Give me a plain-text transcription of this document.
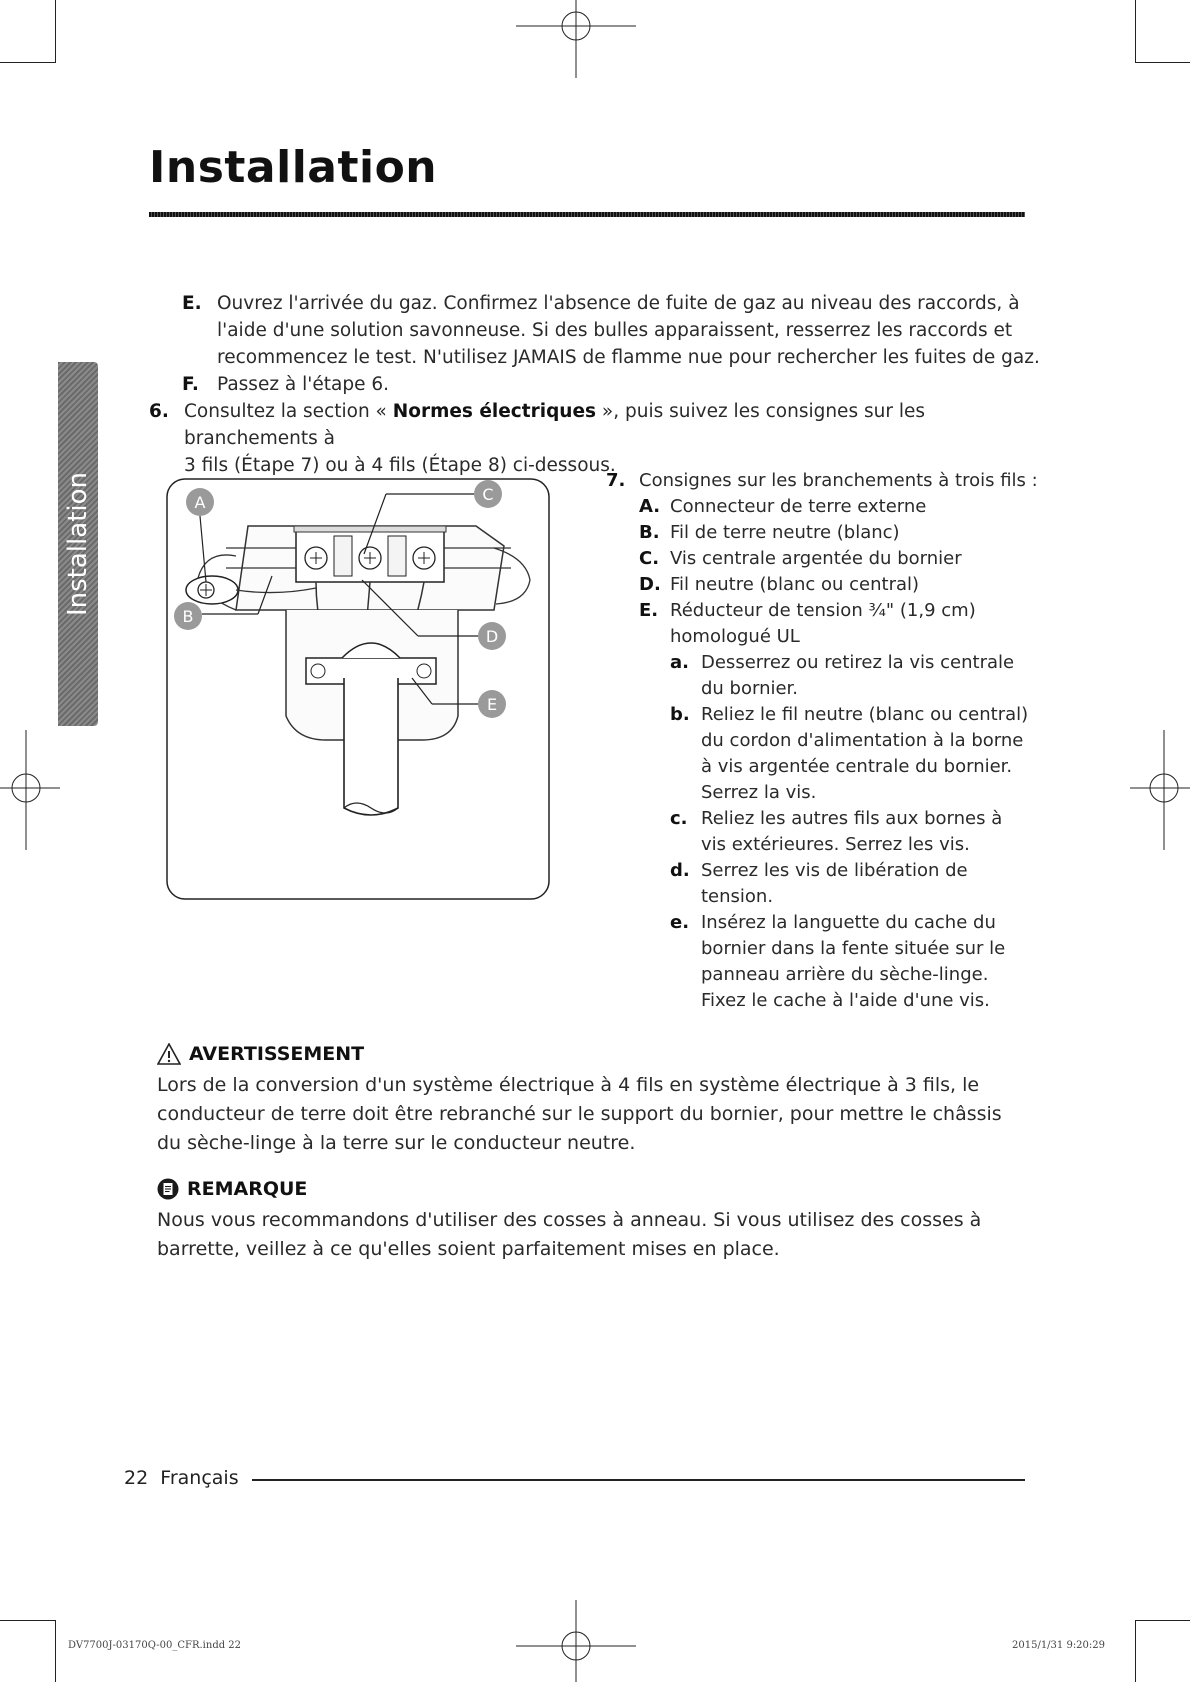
Installation
Installation
E. Ouvrez l'arrivée du gaz. Confirmez l'absence de fuite de gaz au niveau des raccords, à
l'aide d'une solution savonneuse. Si des bulles apparaissent, resserrez les raccords et
recommencez le test. N'utilisez JAMAIS de flamme nue pour rechercher les fuites de gaz.
F. Passez à l'étape 6.
6. Consultez la section « Normes électriques », puis suivez les consignes sur les branchements à
3 fils (Étape 7) ou à 4 fils (Étape 8) ci-dessous.
A
B
C
D
E
7. Consignes sur les branchements à trois fils :
A. Connecteur de terre externe
B. Fil de terre neutre (blanc)
C. Vis centrale argentée du bornier
D. Fil neutre (blanc ou central)
E. Réducteur de tension ¾" (1,9 cm)
homologué UL
a. Desserrez ou retirez la vis centrale
du bornier.
b. Reliez le fil neutre (blanc ou central)
du cordon d'alimentation à la borne
à vis argentée centrale du bornier.
Serrez la vis.
c. Reliez les autres fils aux bornes à
vis extérieures. Serrez les vis.
d. Serrez les vis de libération de
tension.
e. Insérez la languette du cache du
bornier dans la fente située sur le
panneau arrière du sèche-linge.
Fixez le cache à l'aide d'une vis.
AVERTISSEMENT
Lors de la conversion d'un système électrique à 4 fils en système électrique à 3 fils, le
conducteur de terre doit être rebranché sur le support du bornier, pour mettre le châssis
du sèche-linge à la terre sur le conducteur neutre.
REMARQUE
Nous vous recommandons d'utiliser des cosses à anneau. Si vous utilisez des cosses à
barrette, veillez à ce qu'elles soient parfaitement mises en place.
22 Français
DV7700J-03170Q-00_CFR.indd 22	2015/1/31 9:20:29
